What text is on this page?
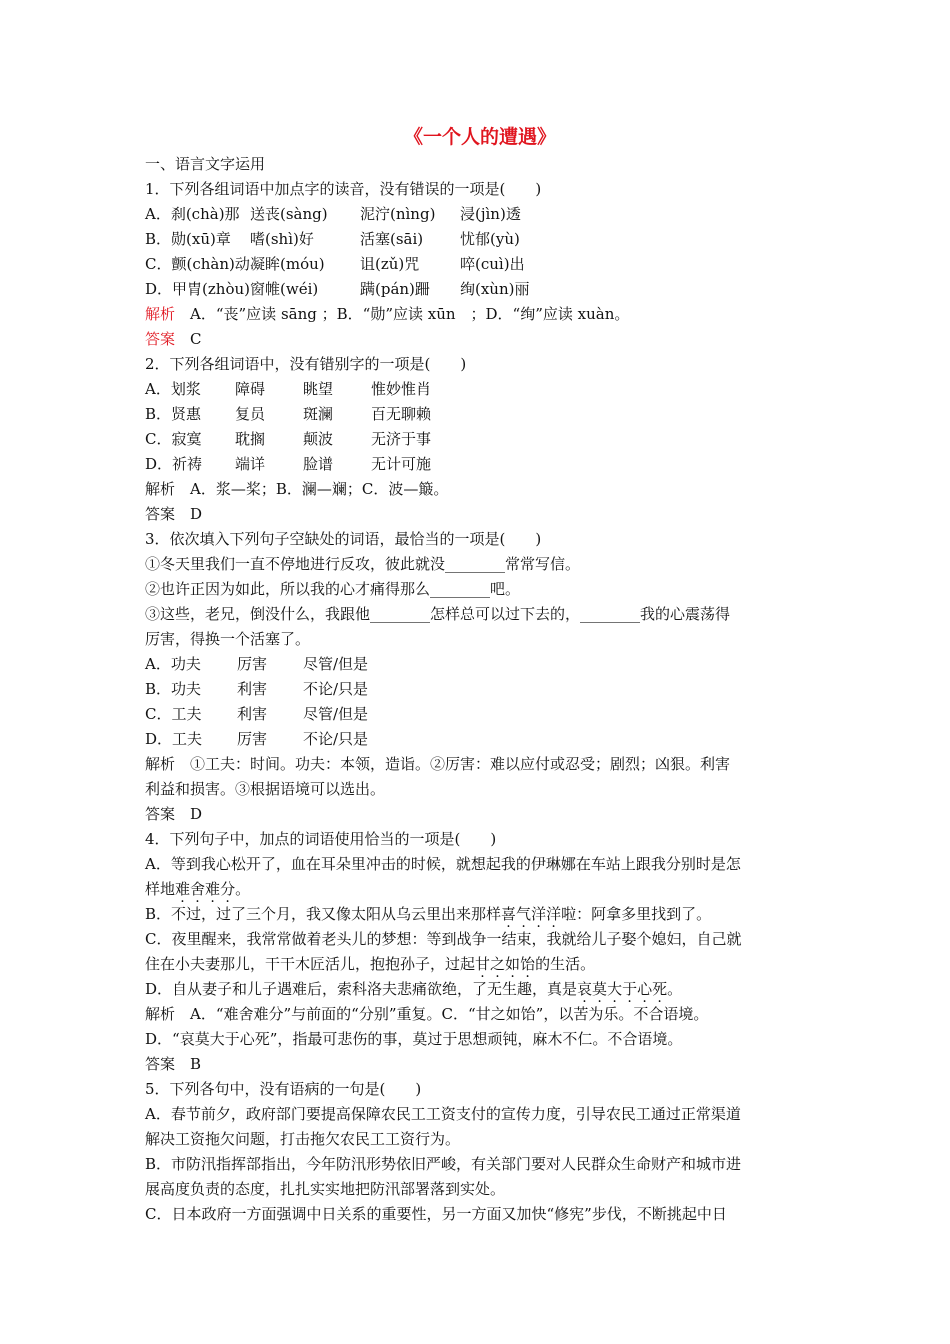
《一个人的遭遇》
一、语言文字运用
1．下列各组词语中加点字的读音，没有错误的一项是(　　)
A．刹(chà)那 送丧(sàng)	泥泞(nìng)	浸(jìn)透
B．勋(xū)章	嗜(shì)好	活塞(sāi)	忧郁(yù)
C．颤(chàn)动 凝眸(móu)	诅(zǔ)咒	啐(cuì)出
D．甲胄(zhòu) 窗帷(wéi)	蹒(pán)跚	绚(xùn)丽
解析　A．“丧”应读 sāng ；B．“勋”应读 xūn　；D．“绚”应读 xuàn。
答案　C
2．下列各组词语中，没有错别字的一项是(　　)
A．划浆	障碍	眺望	惟妙惟肖
B．贤惠	复员	斑澜	百无聊赖
C．寂寞	耽搁	颠波	无济于事
D．祈祷	端详	脸谱	无计可施
解析　A．浆—桨；B．澜—斓；C．波—簸。
答案　D
3．依次填入下列句子空缺处的词语，最恰当的一项是(　　)
①冬天里我们一直不停地进行反攻，彼此就没________常常写信。
②也许正因为如此，所以我的心才痛得那么________吧。
③这些，老兄，倒没什么，我跟他________怎样总可以过下去的，________我的心震荡得
厉害，得换一个活塞了。
A．功夫	厉害	尽管/但是
B．功夫	利害	不论/只是
C．工夫	利害	尽管/但是
D．工夫	厉害	不论/只是
解析　①工夫：时间。功夫：本领，造诣。②厉害：难以应付或忍受；剧烈；凶狠。利害
利益和损害。③根据语境可以选出。
答案　D
4．下列句子中，加点的词语使用恰当的一项是(　　)
A．等到我心松开了，血在耳朵里冲击的时候，就想起我的伊琳娜在车站上跟我分别时是怎
样地难舍难分。
B．不过，过了三个月，我又像太阳从乌云里出来那样喜气洋洋啦：阿拿多里找到了。
C．夜里醒来，我常常做着老头儿的梦想：等到战争一结束，我就给儿子娶个媳妇，自己就
住在小夫妻那儿，干干木匠活儿，抱抱孙子，过起甘之如饴的生活。
D．自从妻子和儿子遇难后，索科洛夫悲痛欲绝，了无生趣，真是哀莫大于心死。
解析　A．“难舍难分”与前面的“分别”重复。C．“甘之如饴”，以苦为乐。不合语境。
D．“哀莫大于心死”，指最可悲伤的事，莫过于思想顽钝，麻木不仁。不合语境。
答案　B
5．下列各句中，没有语病的一句是(　　)
A．春节前夕，政府部门要提高保障农民工工资支付的宣传力度，引导农民工通过正常渠道
解决工资拖欠问题，打击拖欠农民工工资行为。
B．市防汛指挥部指出，今年防汛形势依旧严峻，有关部门要对人民群众生命财产和城市进
展高度负责的态度，扎扎实实地把防汛部署落到实处。
C．日本政府一方面强调中日关系的重要性，另一方面又加快“修宪”步伐，不断挑起中日
